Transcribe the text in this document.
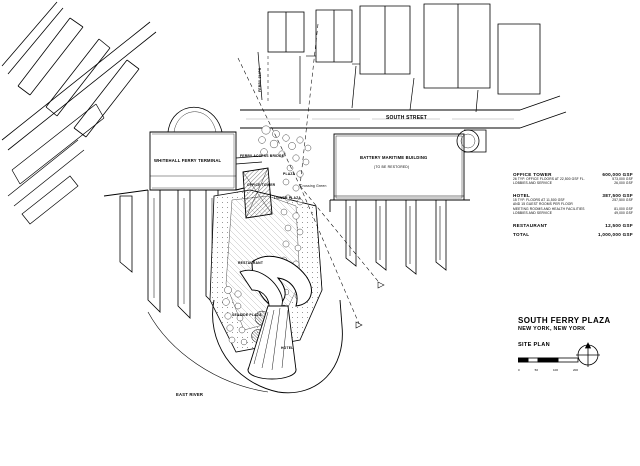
SOUTH STREET
BATTERY MARITIME BUILDING
(TO BE RESTORED)
WHITEHALL FERRY TERMINAL
FERRY ACCESS BRIDGE
OFFICE TOWER
PLAZA
Crossing Green
LOWER PLAZA
RESTAURANT
SEASIDE PLAZA
HOTEL
EAST RIVER
FERRY SLIPS
OFFICE TOWER	600,000 GSF
26 TYP. OFFICE FLOORS AT 22,500 GSF FL.	573,000 GSF
LOBBIES AND SERVICE	26,000 GSF
HOTEL	387,500 GSF
15 TYP. FLOORS AT 11,500 GSF	257,500 GSF
AND 15 GUEST ROOMS PER FLOOR
MEETING ROOMS AND HEALTH FACILITIES	81,000 GSF
LOBBIES AND SERVICE	49,000 GSF
RESTAURANT	12,500 GSF
TOTAL	1,000,000 GSF
SOUTH FERRY PLAZA
NEW YORK, NEW YORK
SITE PLAN
0	50	100	200
